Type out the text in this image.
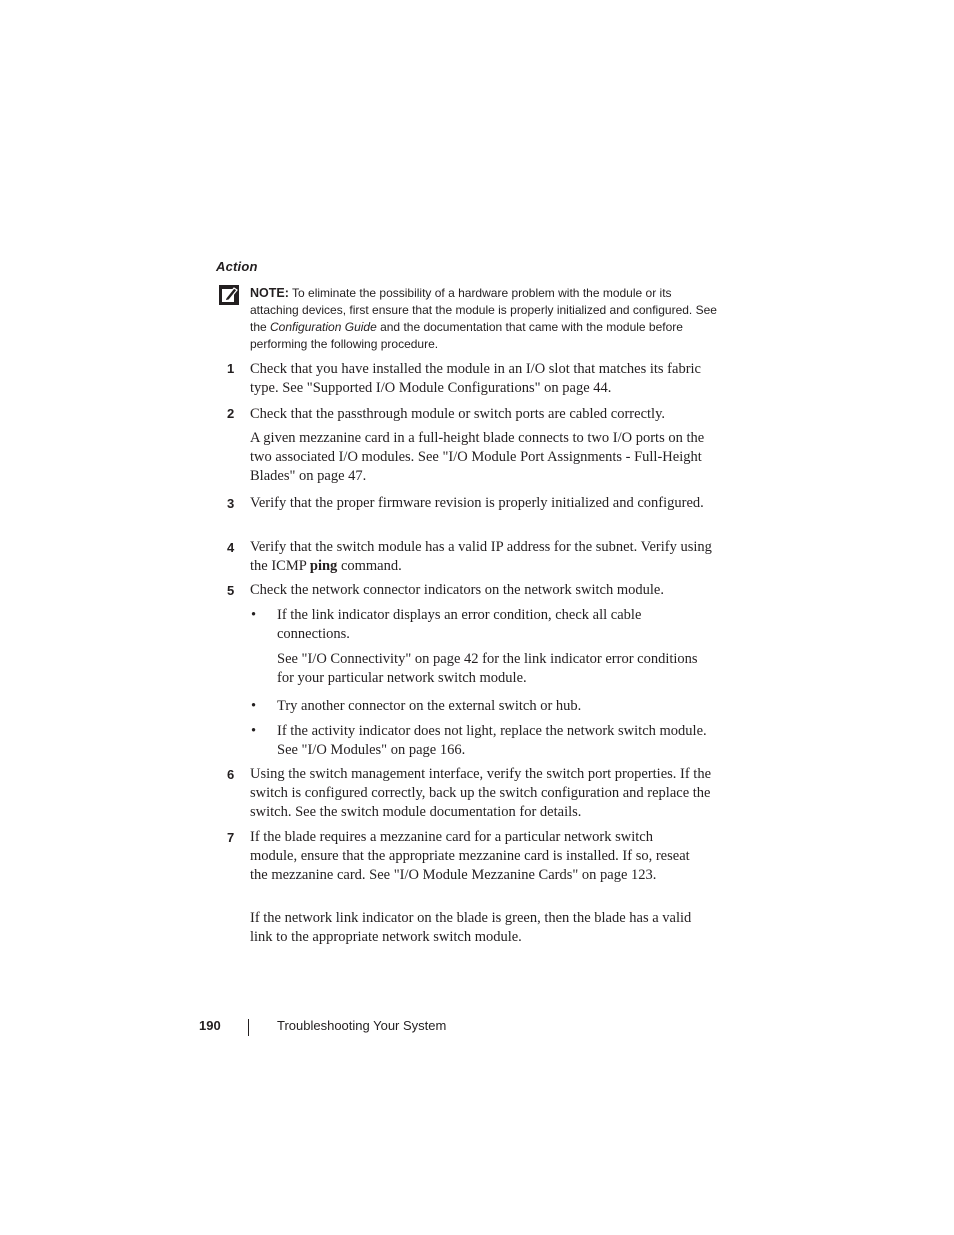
Action
NOTE: To eliminate the possibility of a hardware problem with the module or its attaching devices, first ensure that the module is properly initialized and configured. See the Configuration Guide and the documentation that came with the module before performing the following procedure.
1 Check that you have installed the module in an I/O slot that matches its fabric type. See "Supported I/O Module Configurations" on page 44.
2 Check that the passthrough module or switch ports are cabled correctly.
A given mezzanine card in a full-height blade connects to two I/O ports on the two associated I/O modules. See "I/O Module Port Assignments - Full-Height Blades" on page 47.
3 Verify that the proper firmware revision is properly initialized and configured.
4 Verify that the switch module has a valid IP address for the subnet. Verify using the ICMP ping command.
5 Check the network connector indicators on the network switch module.
• If the link indicator displays an error condition, check all cable connections.
See "I/O Connectivity" on page 42 for the link indicator error conditions for your particular network switch module.
• Try another connector on the external switch or hub.
• If the activity indicator does not light, replace the network switch module. See "I/O Modules" on page 166.
6 Using the switch management interface, verify the switch port properties. If the switch is configured correctly, back up the switch configuration and replace the switch. See the switch module documentation for details.
7 If the blade requires a mezzanine card for a particular network switch module, ensure that the appropriate mezzanine card is installed. If so, reseat the mezzanine card. See "I/O Module Mezzanine Cards" on page 123.
If the network link indicator on the blade is green, then the blade has a valid link to the appropriate network switch module.
190	Troubleshooting Your System
